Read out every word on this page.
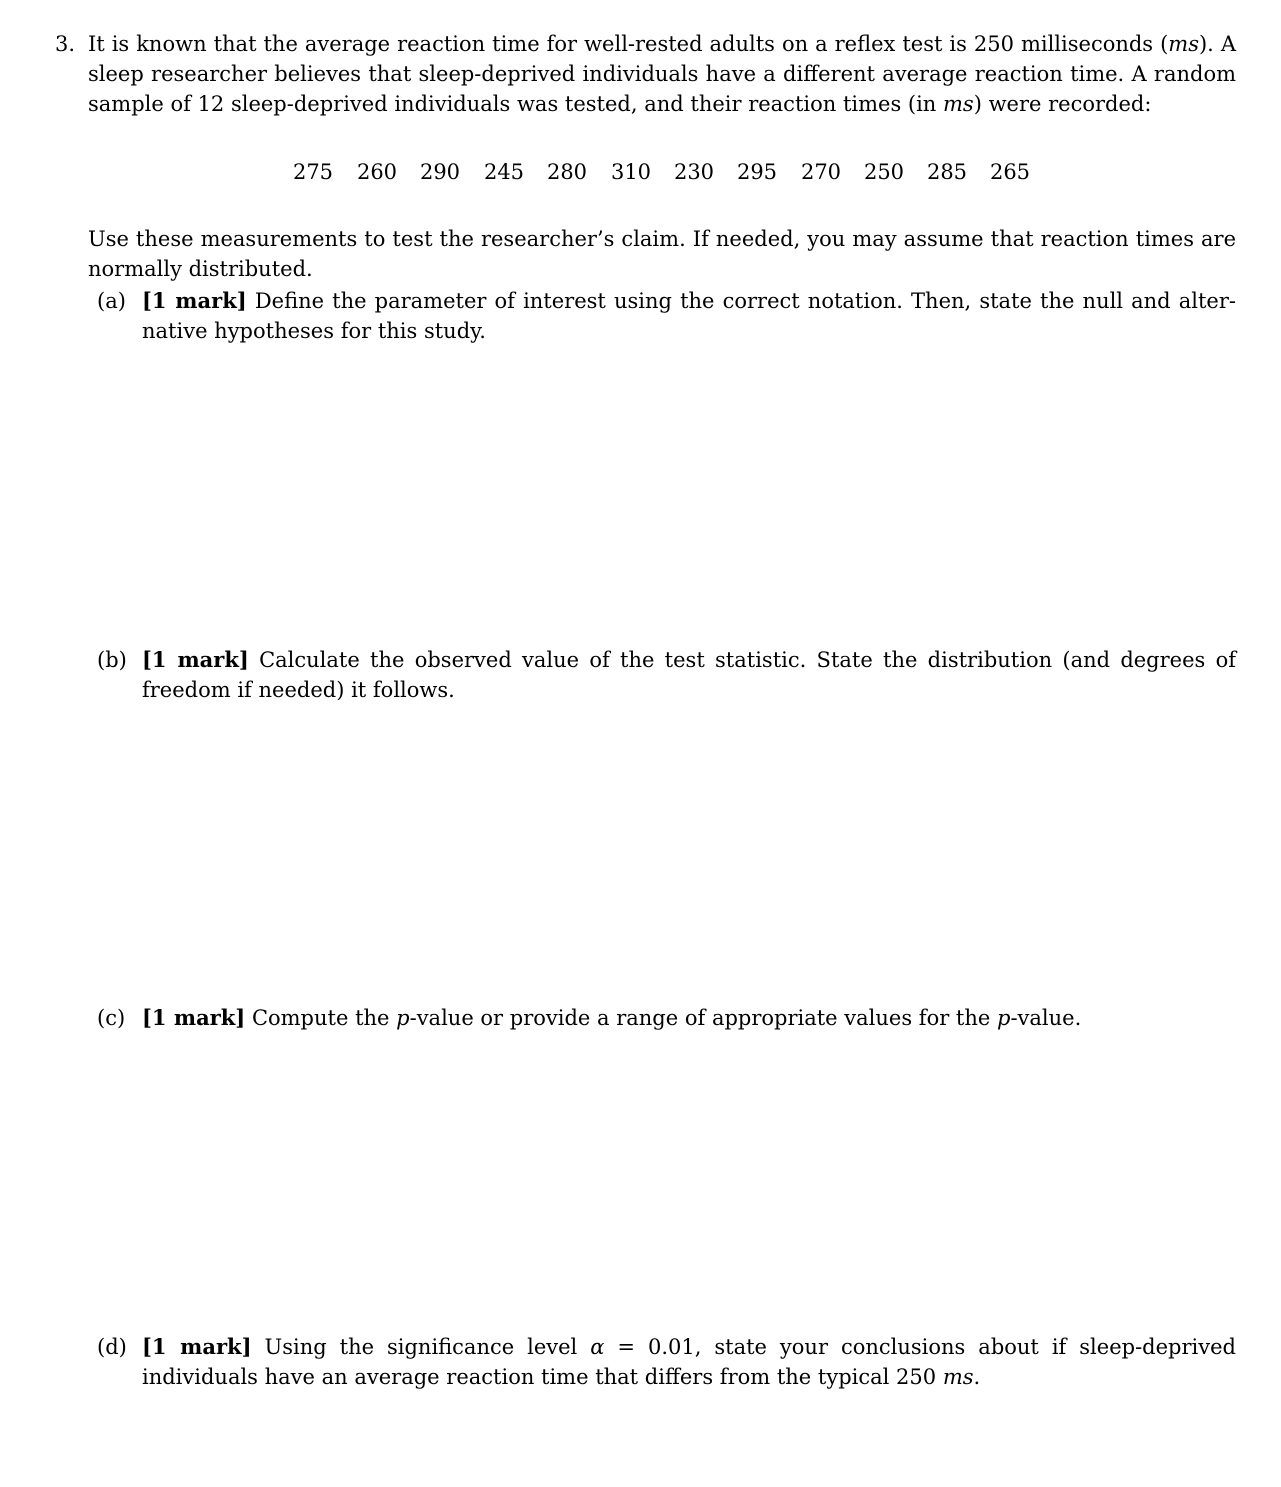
3. It is known that the average reaction time for well-rested adults on a reflex test is 250 milliseconds (ms). A sleep researcher believes that sleep-deprived individuals have a different average reaction time. A random sample of 12 sleep-deprived individuals was tested, and their reaction times (in ms) were recorded:
275 260 290 245 280 310 230 295 270 250 285 265
Use these measurements to test the researcher’s claim. If needed, you may assume that reaction times are normally distributed.
(a) [1 mark] Define the parameter of interest using the correct notation. Then, state the null and alter-native hypotheses for this study.
(b) [1 mark] Calculate the observed value of the test statistic. State the distribution (and degrees of freedom if needed) it follows.
(c) [1 mark] Compute the p-value or provide a range of appropriate values for the p-value.
(d) [1 mark] Using the significance level α = 0.01, state your conclusions about if sleep-deprived individuals have an average reaction time that differs from the typical 250 ms.
